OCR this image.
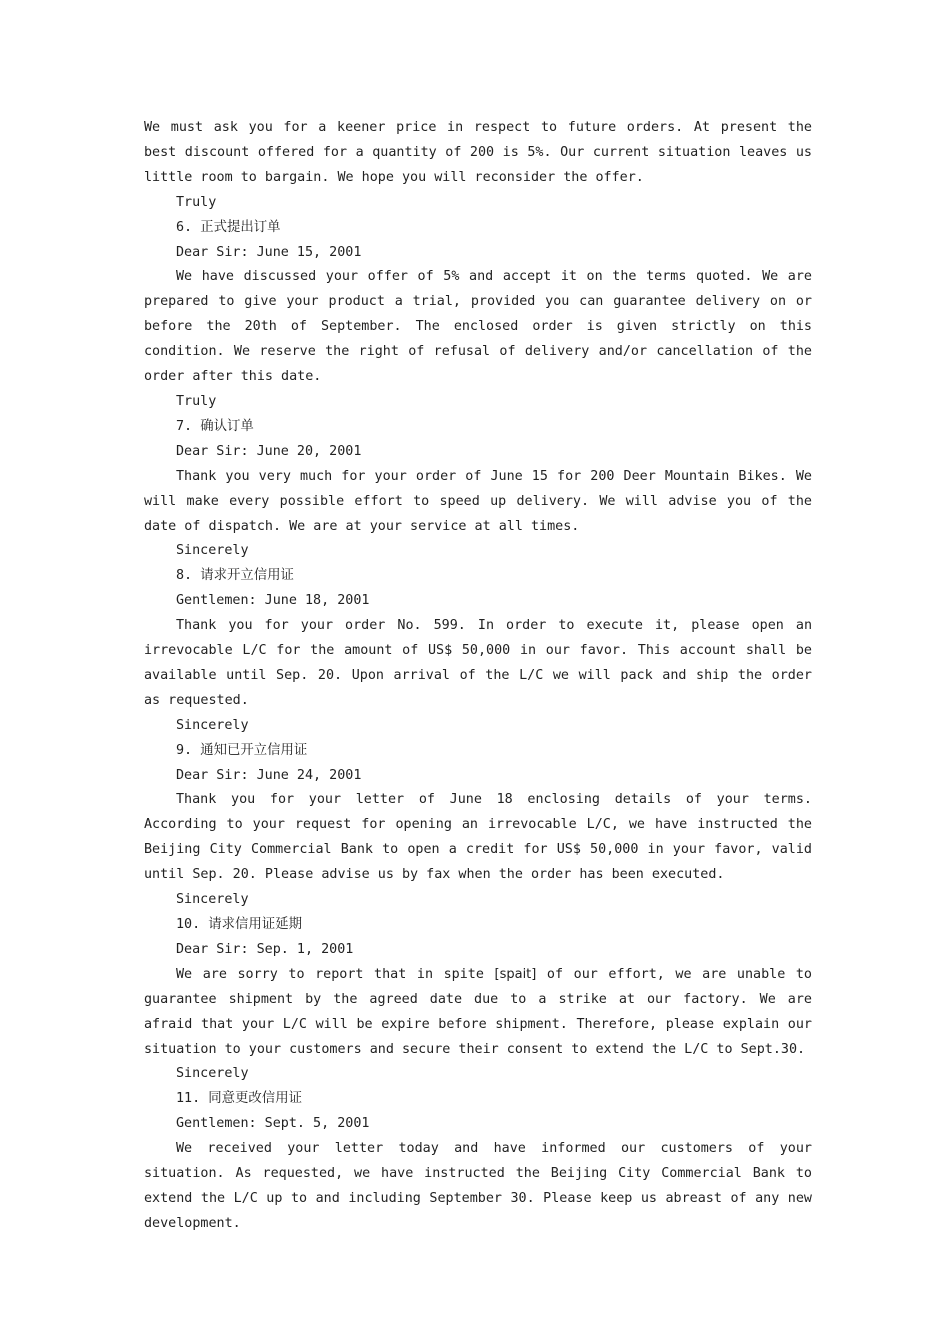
We must ask you for a keener price in respect to future orders. At present the best discount offered for a quantity of 200 is 5%. Our current situation leaves us little room to bargain. We hope you will reconsider the offer.

Truly

6. 正式提出订单

Dear Sir: June 15, 2001

We have discussed your offer of 5% and accept it on the terms quoted. We are prepared to give your product a trial, provided you can guarantee delivery on or before the 20th of September. The enclosed order is given strictly on this condition. We reserve the right of refusal of delivery and/or cancellation of the order after this date.

Truly

7. 确认订单

Dear Sir: June 20, 2001

Thank you very much for your order of June 15 for 200 Deer Mountain Bikes. We will make every possible effort to speed up delivery. We will advise you of the date of dispatch. We are at your service at all times.

Sincerely

8. 请求开立信用证

Gentlemen: June 18, 2001

Thank you for your order No. 599. In order to execute it, please open an irrevocable L/C for the amount of US$ 50,000 in our favor. This account shall be available until Sep. 20. Upon arrival of the L/C we will pack and ship the order as requested.

Sincerely

9. 通知已开立信用证

Dear Sir: June 24, 2001

Thank you for your letter of June 18 enclosing details of your terms. According to your request for opening an irrevocable L/C, we have instructed the Beijing City Commercial Bank to open a credit for US$ 50,000 in your favor, valid until Sep. 20. Please advise us by fax when the order has been executed.

Sincerely

10. 请求信用证延期

Dear Sir: Sep. 1, 2001

We are sorry to report that in spite [spait] of our effort, we are unable to guarantee shipment by the agreed date due to a strike at our factory. We are afraid that your L/C will be expire before shipment. Therefore, please explain our situation to your customers and secure their consent to extend the L/C to Sept.30.

Sincerely

11. 同意更改信用证

Gentlemen: Sept. 5, 2001

We received your letter today and have informed our customers of your situation. As requested, we have instructed the Beijing City Commercial Bank to extend the L/C up to and including September 30. Please keep us abreast of any new development.
